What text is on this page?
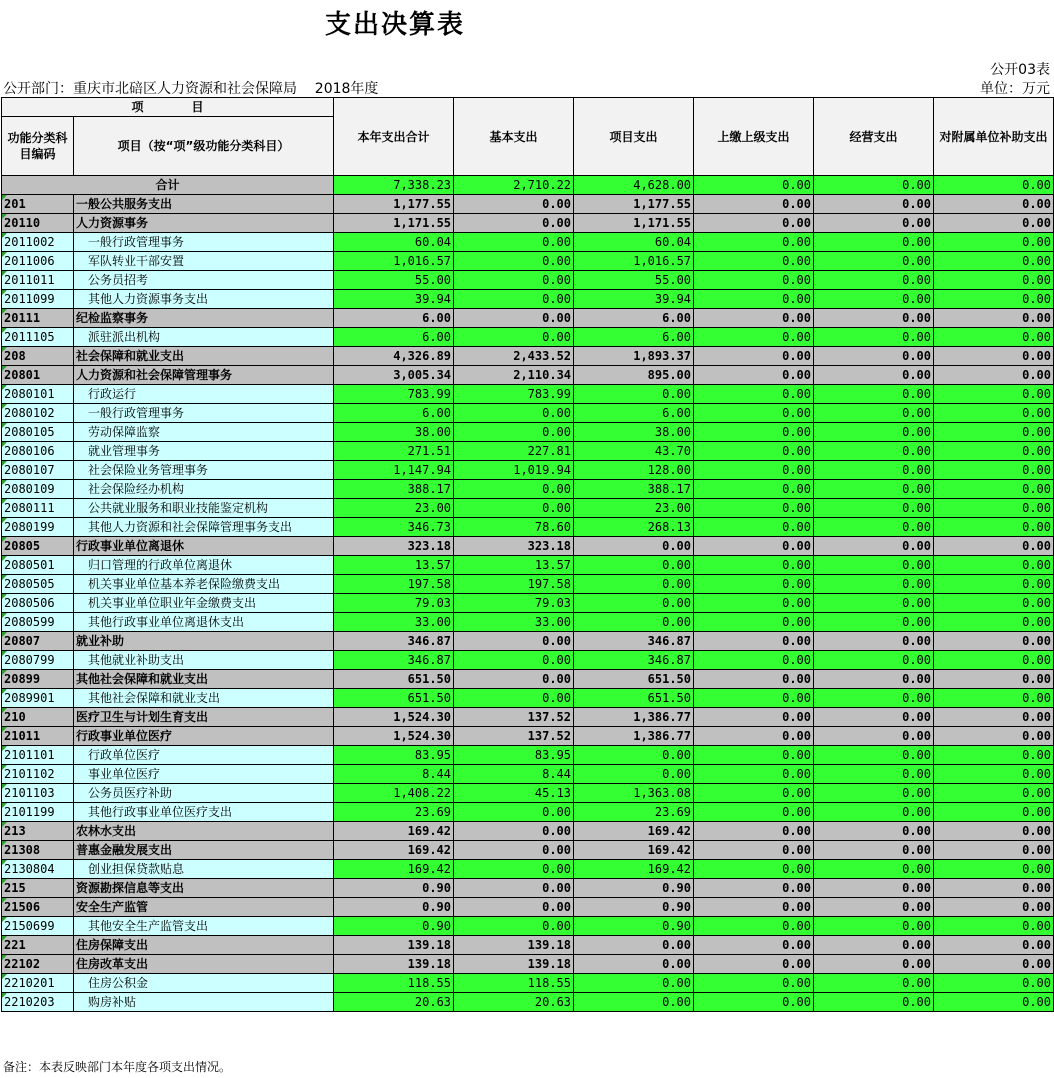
支出决算表
公开03表
公开部门：重庆市北碚区人力资源和社会保障局    2018年度	单位：万元
项　　　　目		本年支出合计	基本支出	项目支出	上缴上级支出	经营支出	对附属单位补助支出
功能分类科目编码	项目（按“项”级功能分类科目）						
合计		7,338.23	2,710.22	4,628.00	0.00	0.00	0.00
201	一般公共服务支出	1,177.55	0.00	1,177.55	0.00	0.00	0.00
20110	人力资源事务	1,171.55	0.00	1,171.55	0.00	0.00	0.00
2011002	一般行政管理事务	60.04	0.00	60.04	0.00	0.00	0.00
2011006	军队转业干部安置	1,016.57	0.00	1,016.57	0.00	0.00	0.00
2011011	公务员招考	55.00	0.00	55.00	0.00	0.00	0.00
2011099	其他人力资源事务支出	39.94	0.00	39.94	0.00	0.00	0.00
20111	纪检监察事务	6.00	0.00	6.00	0.00	0.00	0.00
2011105	派驻派出机构	6.00	0.00	6.00	0.00	0.00	0.00
208	社会保障和就业支出	4,326.89	2,433.52	1,893.37	0.00	0.00	0.00
20801	人力资源和社会保障管理事务	3,005.34	2,110.34	895.00	0.00	0.00	0.00
2080101	行政运行	783.99	783.99	0.00	0.00	0.00	0.00
2080102	一般行政管理事务	6.00	0.00	6.00	0.00	0.00	0.00
2080105	劳动保障监察	38.00	0.00	38.00	0.00	0.00	0.00
2080106	就业管理事务	271.51	227.81	43.70	0.00	0.00	0.00
2080107	社会保险业务管理事务	1,147.94	1,019.94	128.00	0.00	0.00	0.00
2080109	社会保险经办机构	388.17	0.00	388.17	0.00	0.00	0.00
2080111	公共就业服务和职业技能鉴定机构	23.00	0.00	23.00	0.00	0.00	0.00
2080199	其他人力资源和社会保障管理事务支出	346.73	78.60	268.13	0.00	0.00	0.00
20805	行政事业单位离退休	323.18	323.18	0.00	0.00	0.00	0.00
2080501	归口管理的行政单位离退休	13.57	13.57	0.00	0.00	0.00	0.00
2080505	机关事业单位基本养老保险缴费支出	197.58	197.58	0.00	0.00	0.00	0.00
2080506	机关事业单位职业年金缴费支出	79.03	79.03	0.00	0.00	0.00	0.00
2080599	其他行政事业单位离退休支出	33.00	33.00	0.00	0.00	0.00	0.00
20807	就业补助	346.87	0.00	346.87	0.00	0.00	0.00
2080799	其他就业补助支出	346.87	0.00	346.87	0.00	0.00	0.00
20899	其他社会保障和就业支出	651.50	0.00	651.50	0.00	0.00	0.00
2089901	其他社会保障和就业支出	651.50	0.00	651.50	0.00	0.00	0.00
210	医疗卫生与计划生育支出	1,524.30	137.52	1,386.77	0.00	0.00	0.00
21011	行政事业单位医疗	1,524.30	137.52	1,386.77	0.00	0.00	0.00
2101101	行政单位医疗	83.95	83.95	0.00	0.00	0.00	0.00
2101102	事业单位医疗	8.44	8.44	0.00	0.00	0.00	0.00
2101103	公务员医疗补助	1,408.22	45.13	1,363.08	0.00	0.00	0.00
2101199	其他行政事业单位医疗支出	23.69	0.00	23.69	0.00	0.00	0.00
213	农林水支出	169.42	0.00	169.42	0.00	0.00	0.00
21308	普惠金融发展支出	169.42	0.00	169.42	0.00	0.00	0.00
2130804	创业担保贷款贴息	169.42	0.00	169.42	0.00	0.00	0.00
215	资源勘探信息等支出	0.90	0.00	0.90	0.00	0.00	0.00
21506	安全生产监管	0.90	0.00	0.90	0.00	0.00	0.00
2150699	其他安全生产监管支出	0.90	0.00	0.90	0.00	0.00	0.00
221	住房保障支出	139.18	139.18	0.00	0.00	0.00	0.00
22102	住房改革支出	139.18	139.18	0.00	0.00	0.00	0.00
2210201	住房公积金	118.55	118.55	0.00	0.00	0.00	0.00
2210203	购房补贴	20.63	20.63	0.00	0.00	0.00	0.00
备注：本表反映部门本年度各项支出情况。
